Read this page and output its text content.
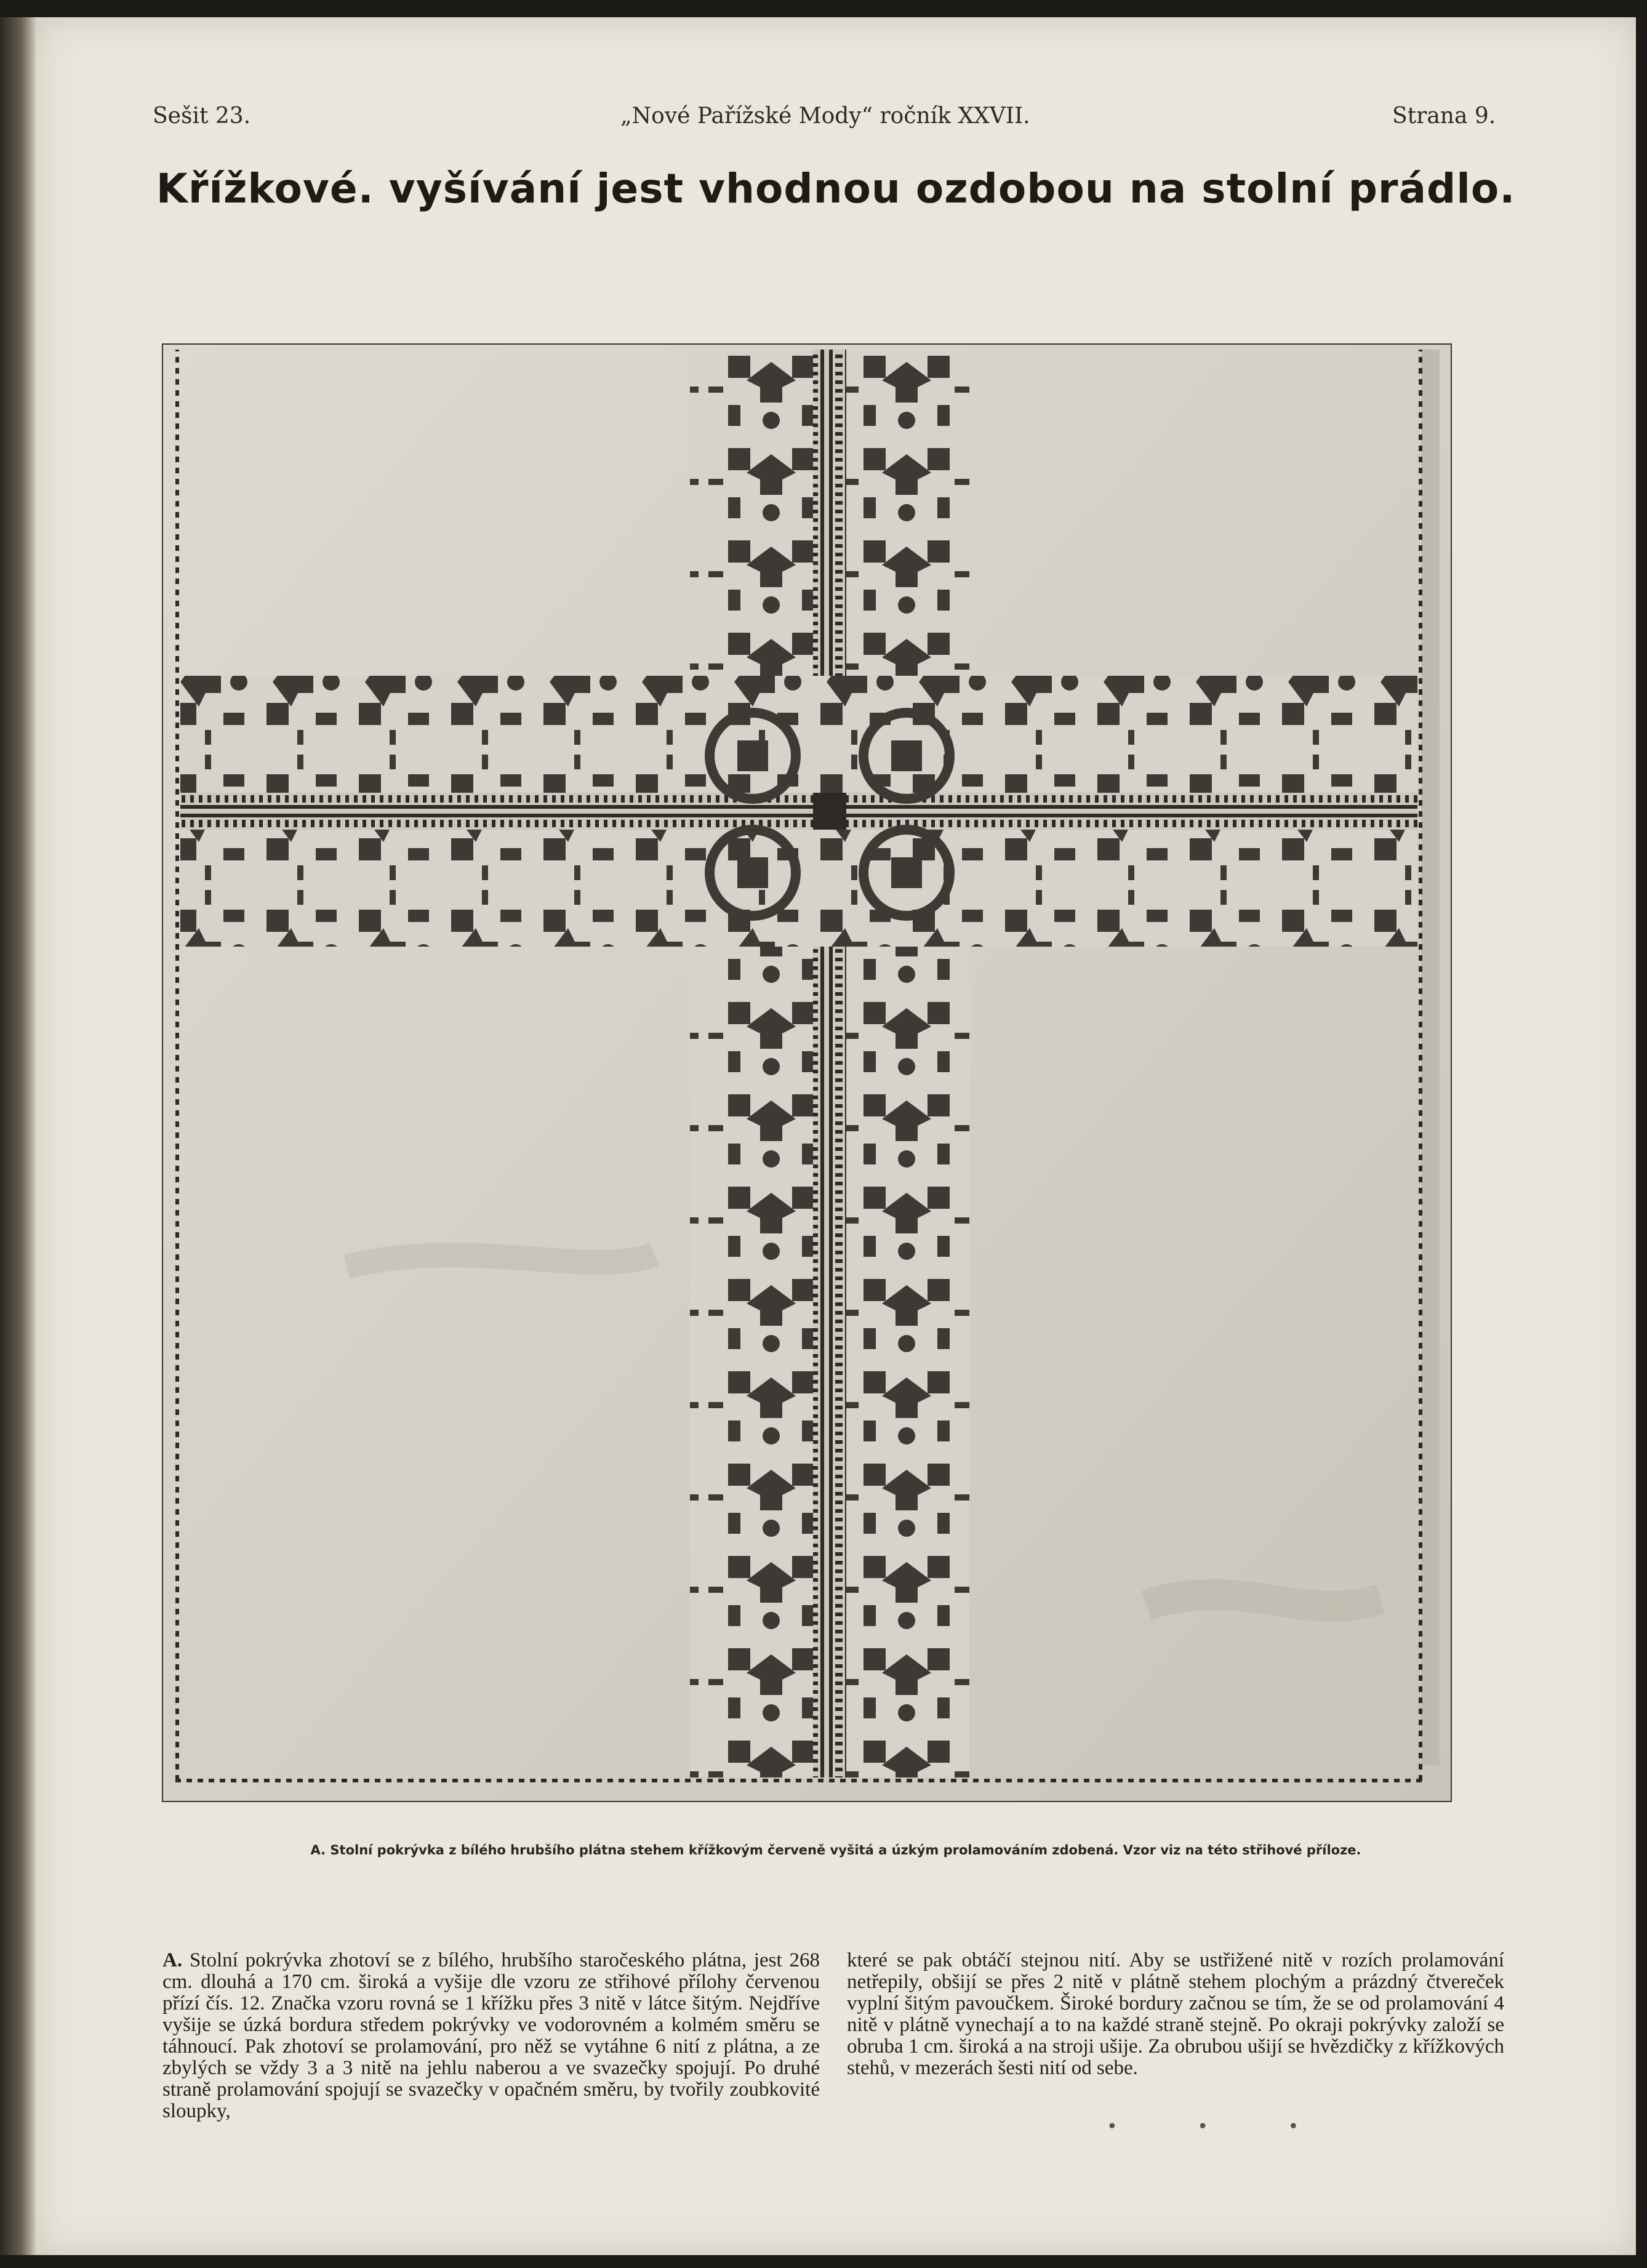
Sešit 23.	„Nové Pařížské Mody“ ročník XXVII.	Strana 9.
Křížkové. vyšívání jest vhodnou ozdobou na stolní prádlo.
A. Stolní pokrývka z bílého hrubšího plátna stehem křížkovým červeně vyšitá a úzkým prolamováním zdobená. Vzor viz na této střihové příloze.
A. Stolní pokrývka zhotoví se z bílého, hrubšího staročeského plátna, jest 268 cm. dlouhá a 170 cm. široká a vyšije dle vzoru ze střihové přílohy červenou přízí čís. 12. Značka vzoru rovná se 1 křížku přes 3 nitě v látce šitým. Nejdříve vyšije se úzká bordura středem pokrývky ve vodorovném a kolmém směru se táhnoucí. Pak zhotoví se prolamování, pro něž se vytáhne 6 nití z plátna, a ze zbylých se vždy 3 a 3 nitě na jehlu naberou a ve svazečky spojují. Po druhé straně prolamování spojují se svazečky v opačném směru, by tvořily zoubkovité sloupky,
které se pak obtáčí stejnou nití. Aby se ustřižené nitě v rozích prolamování netřepily, obšijí se přes 2 nitě v plátně stehem plochým a prázdný čtvereček vyplní šitým pavoučkem. Široké bordury začnou se tím, že se od prolamování 4 nitě v plátně vynechají a to na každé straně stejně. Po okraji pokrývky založí se obruba 1 cm. široká a na stroji ušije. Za obrubou ušijí se hvězdičky z křížkových stehů, v mezerách šesti nití od sebe.
• • •
